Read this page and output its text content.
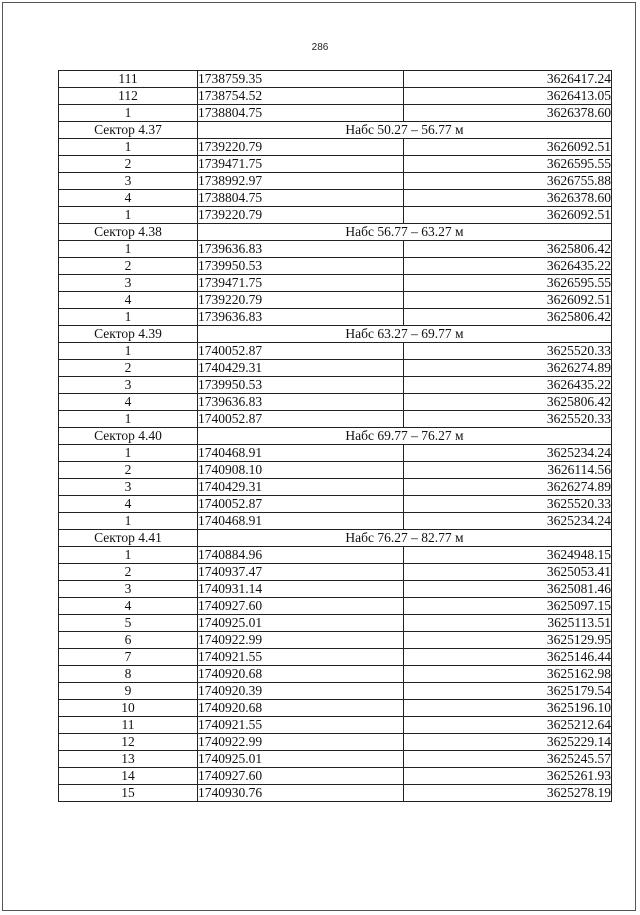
286
111	1738759.35	3626417.24
112	1738754.52	3626413.05
1	1738804.75	3626378.60
Сектор 4.37	Набс 50.27 – 56.77 м	
1	1739220.79	3626092.51
2	1739471.75	3626595.55
3	1738992.97	3626755.88
4	1738804.75	3626378.60
1	1739220.79	3626092.51
Сектор 4.38	Набс 56.77 – 63.27 м	
1	1739636.83	3625806.42
2	1739950.53	3626435.22
3	1739471.75	3626595.55
4	1739220.79	3626092.51
1	1739636.83	3625806.42
Сектор 4.39	Набс 63.27 – 69.77 м	
1	1740052.87	3625520.33
2	1740429.31	3626274.89
3	1739950.53	3626435.22
4	1739636.83	3625806.42
1	1740052.87	3625520.33
Сектор 4.40	Набс 69.77 – 76.27 м	
1	1740468.91	3625234.24
2	1740908.10	3626114.56
3	1740429.31	3626274.89
4	1740052.87	3625520.33
1	1740468.91	3625234.24
Сектор 4.41	Набс 76.27 – 82.77 м	
1	1740884.96	3624948.15
2	1740937.47	3625053.41
3	1740931.14	3625081.46
4	1740927.60	3625097.15
5	1740925.01	3625113.51
6	1740922.99	3625129.95
7	1740921.55	3625146.44
8	1740920.68	3625162.98
9	1740920.39	3625179.54
10	1740920.68	3625196.10
11	1740921.55	3625212.64
12	1740922.99	3625229.14
13	1740925.01	3625245.57
14	1740927.60	3625261.93
15	1740930.76	3625278.19
